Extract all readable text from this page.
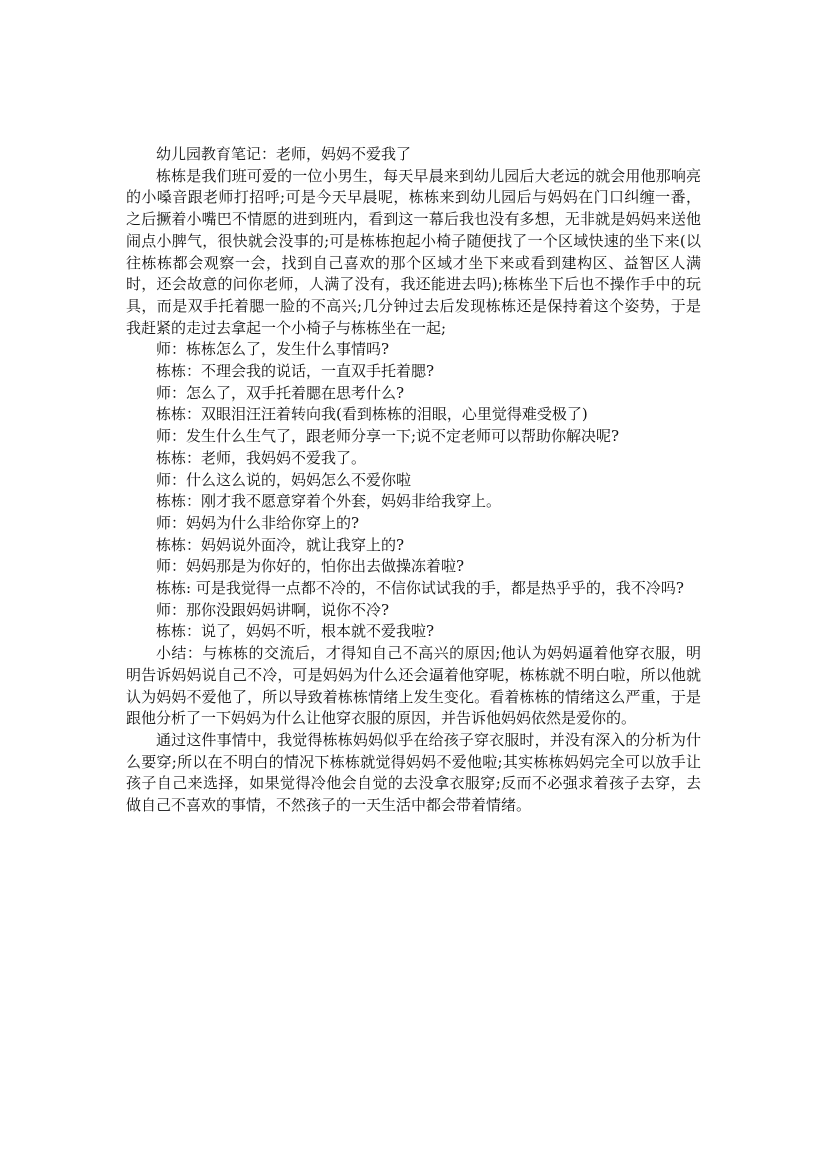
幼儿园教育笔记：老师，妈妈不爱我了

栋栋是我们班可爱的一位小男生，每天早晨来到幼儿园后大老远的就会用他那响亮的小嗓音跟老师打招呼;可是今天早晨呢，栋栋来到幼儿园后与妈妈在门口纠缠一番，之后撅着小嘴巴不情愿的进到班内，看到这一幕后我也没有多想，无非就是妈妈来送他闹点小脾气，很快就会没事的;可是栋栋抱起小椅子随便找了一个区域快速的坐下来(以往栋栋都会观察一会，找到自己喜欢的那个区域才坐下来或看到建构区、益智区人满时，还会故意的问你老师，人满了没有，我还能进去吗);栋栋坐下后也不操作手中的玩具，而是双手托着腮一脸的不高兴;几分钟过去后发现栋栋还是保持着这个姿势，于是我赶紧的走过去拿起一个小椅子与栋栋坐在一起;

师：栋栋怎么了，发生什么事情吗?

栋栋：不理会我的说话，一直双手托着腮?

师：怎么了，双手托着腮在思考什么?

栋栋：双眼泪汪汪着转向我(看到栋栋的泪眼，心里觉得难受极了)

师：发生什么生气了，跟老师分享一下;说不定老师可以帮助你解决呢?

栋栋：老师，我妈妈不爱我了。

师：什么这么说的，妈妈怎么不爱你啦

栋栋：刚才我不愿意穿着个外套，妈妈非给我穿上。

师：妈妈为什么非给你穿上的?

栋栋：妈妈说外面冷，就让我穿上的?

师：妈妈那是为你好的，怕你出去做操冻着啦?

栋栋: 可是我觉得一点都不冷的，不信你试试我的手，都是热乎乎的，我不冷吗?

师：那你没跟妈妈讲啊，说你不冷?

栋栋：说了，妈妈不听，根本就不爱我啦?

小结：与栋栋的交流后，才得知自己不高兴的原因;他认为妈妈逼着他穿衣服，明明告诉妈妈说自己不冷，可是妈妈为什么还会逼着他穿呢，栋栋就不明白啦，所以他就认为妈妈不爱他了，所以导致着栋栋情绪上发生变化。看着栋栋的情绪这么严重，于是跟他分析了一下妈妈为什么让他穿衣服的原因，并告诉他妈妈依然是爱你的。

通过这件事情中，我觉得栋栋妈妈似乎在给孩子穿衣服时，并没有深入的分析为什么要穿;所以在不明白的情况下栋栋就觉得妈妈不爱他啦;其实栋栋妈妈完全可以放手让孩子自己来选择，如果觉得冷他会自觉的去没拿衣服穿;反而不必强求着孩子去穿，去做自己不喜欢的事情，不然孩子的一天生活中都会带着情绪。
